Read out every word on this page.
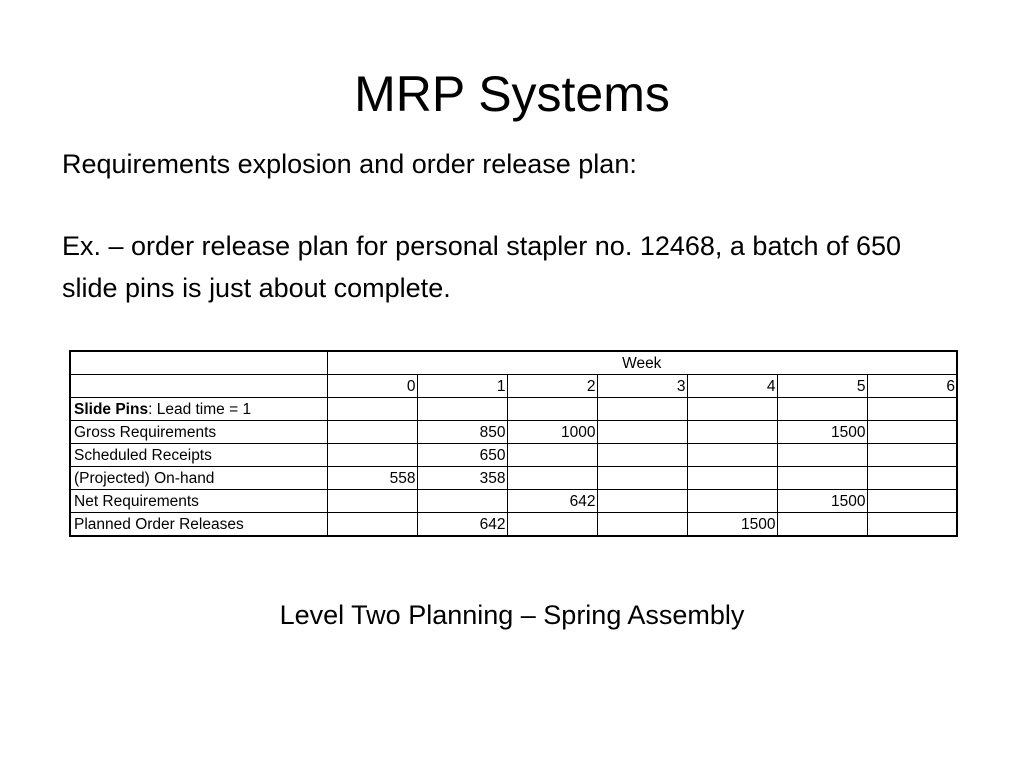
MRP Systems
Requirements explosion and order release plan:
Ex. – order release plan for personal stapler no. 12468, a batch of 650 slide pins is just about complete.
	Week						
	0	1	2	3	4	5	6
Slide Pins: Lead time = 1							
Gross Requirements		850	1000			1500	
Scheduled Receipts		650					
(Projected) On-hand	558	358					
Net Requirements			642			1500	
Planned Order Releases		642			1500		
Level Two Planning – Spring Assembly
